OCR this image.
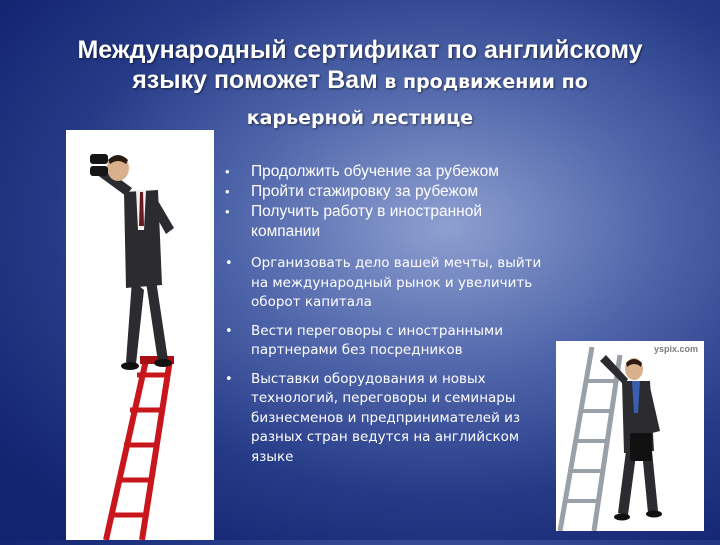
Международный сертификат по английскому
языку поможет Вам в продвижении по
карьерной лестнице
yspix.com
• Продолжить обучение за рубежом
• Пройти стажировку за рубежом
• Получить работу в иностранной компании
• Организовать дело вашей мечты, выйти на международный рынок и увеличить оборот капитала
• Вести переговоры с иностранными партнерами без посредников
• Выставки оборудования и новых технологий, переговоры и семинары бизнесменов и предпринимателей из разных стран ведутся на английском языке
